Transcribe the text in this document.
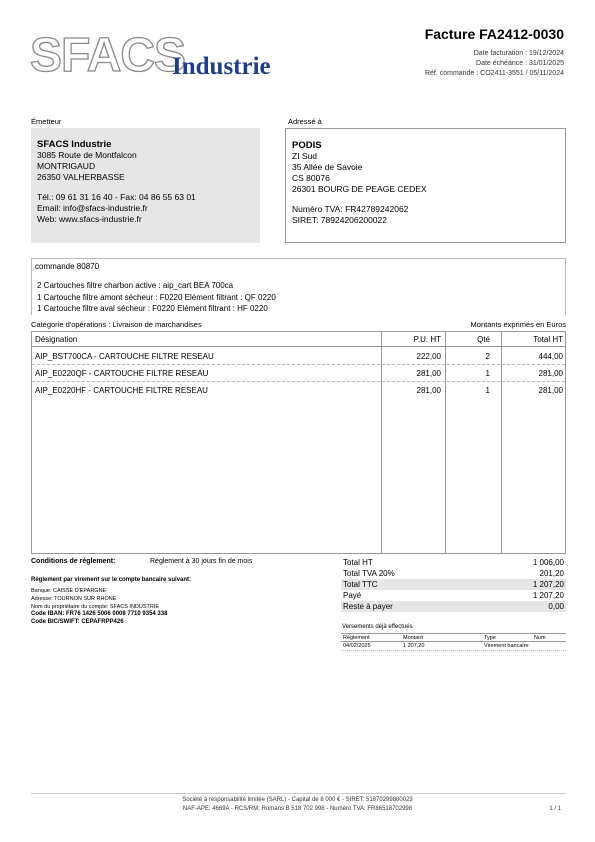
SFACS
Industrie
Facture FA2412-0030
Date facturation : 19/12/2024
Date échéance : 31/01/2025
Réf. commande : CO2411-3551 / 05/11/2024
Émetteur	Adressé à
SFACS Industrie
3085 Route de Montfalcon
MONTRIGAUD
26350 VALHERBASSE
Tél.: 09 61 31 16 40 - Fax: 04 86 55 63 01
Email: info@sfacs-industrie.fr
Web: www.sfacs-industrie.fr
PODIS
ZI Sud
35 Allée de Savoie
CS 80076
26301 BOURG DE PEAGE CEDEX
Numéro TVA: FR42789242062
SIRET: 78924206200022
commande 80870
2 Cartouches filtre charbon active : aip_cart BEA 700ca
1 Cartouche filtre amont sécheur : F0220 Elément filtrant : QF 0220
1 Cartouche filtre aval sécheur : F0220 Elément filtrant : HF 0220
Catégorie d'opérations : Livraison de marchandises	Montants exprimés en Euros
Désignation	P.U. HT	Qté	Total HT
AIP_BST700CA - CARTOUCHE FILTRE RESEAU	222,00	2	444,00
AIP_E0220QF - CARTOUCHE FILTRE RESEAU	281,00	1	281,00
AIP_E0220HF - CARTOUCHE FILTRE RESEAU	281,00	1	281,00
Conditions de règlement:	Règlement à 30 jours fin de mois
Règlement par virement sur le compte bancaire suivant:
Banque: CAISSE D'EPARGNE
Adresse: TOURNON SUR RHONE
Nom du propriétaire du compte: SFACS INDUSTRIE
Code IBAN: FR76 1426 5006 0008 7710 9354 338
Code BIC/SWIFT: CEPAFRPP426
Total HT	1 006,00
Total TVA 20%	201,20
Total TTC	1 207,20
Payé	1 207,20
Reste à payer	0,00
Versements déjà effectués
Règlement	Montant	Type	Num
04/02/2025	1 207,20	Virement bancaire
Société à responsabilité limitée (SARL) - Capital de 8 000 € - SIRET: 51870299800023
NAF-APE: 4669A - RCS/RM: Romans B 518 702 998 - Numéro TVA: FR86518702998	1 / 1
